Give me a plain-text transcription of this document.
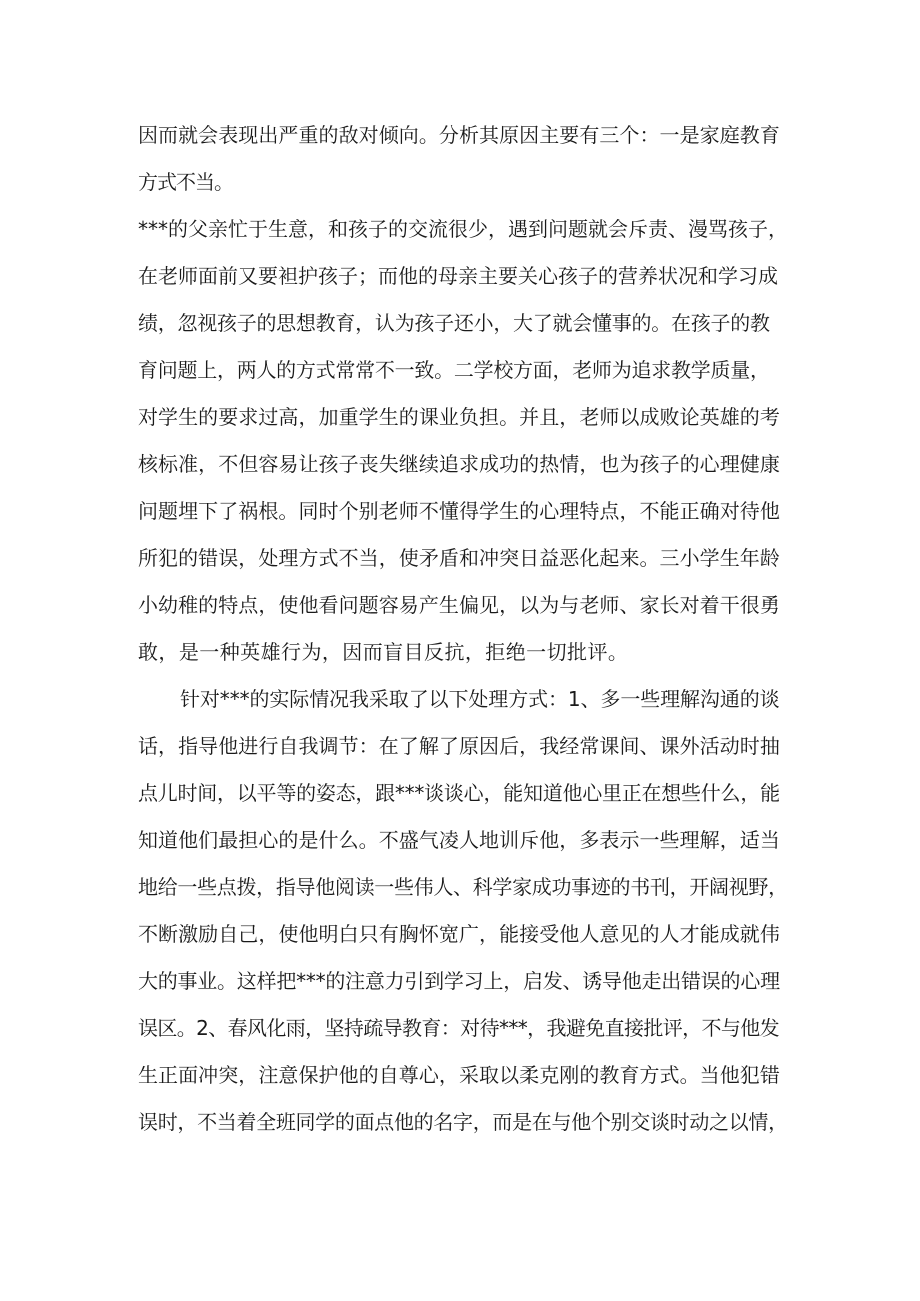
因而就会表现出严重的敌对倾向。分析其原因主要有三个：一是家庭教育
方式不当。
***的父亲忙于生意，和孩子的交流很少，遇到问题就会斥责、漫骂孩子，
在老师面前又要袒护孩子；而他的母亲主要关心孩子的营养状况和学习成
绩，忽视孩子的思想教育，认为孩子还小，大了就会懂事的。在孩子的教
育问题上，两人的方式常常不一致。二学校方面，老师为追求教学质量，
对学生的要求过高，加重学生的课业负担。并且，老师以成败论英雄的考
核标准，不但容易让孩子丧失继续追求成功的热情，也为孩子的心理健康
问题埋下了祸根。同时个别老师不懂得学生的心理特点，不能正确对待他
所犯的错误，处理方式不当，使矛盾和冲突日益恶化起来。三小学生年龄
小幼稚的特点，使他看问题容易产生偏见，以为与老师、家长对着干很勇
敢，是一种英雄行为，因而盲目反抗，拒绝一切批评。
针对***的实际情况我采取了以下处理方式：1、多一些理解沟通的谈
话，指导他进行自我调节：在了解了原因后，我经常课间、课外活动时抽
点儿时间，以平等的姿态，跟***谈谈心，能知道他心里正在想些什么，能
知道他们最担心的是什么。不盛气凌人地训斥他，多表示一些理解，适当
地给一些点拨，指导他阅读一些伟人、科学家成功事迹的书刊，开阔视野，
不断激励自己，使他明白只有胸怀宽广，能接受他人意见的人才能成就伟
大的事业。这样把***的注意力引到学习上，启发、诱导他走出错误的心理
误区。2、春风化雨，坚持疏导教育：对待***，我避免直接批评，不与他发
生正面冲突，注意保护他的自尊心，采取以柔克刚的教育方式。当他犯错
误时，不当着全班同学的面点他的名字，而是在与他个别交谈时动之以情，
